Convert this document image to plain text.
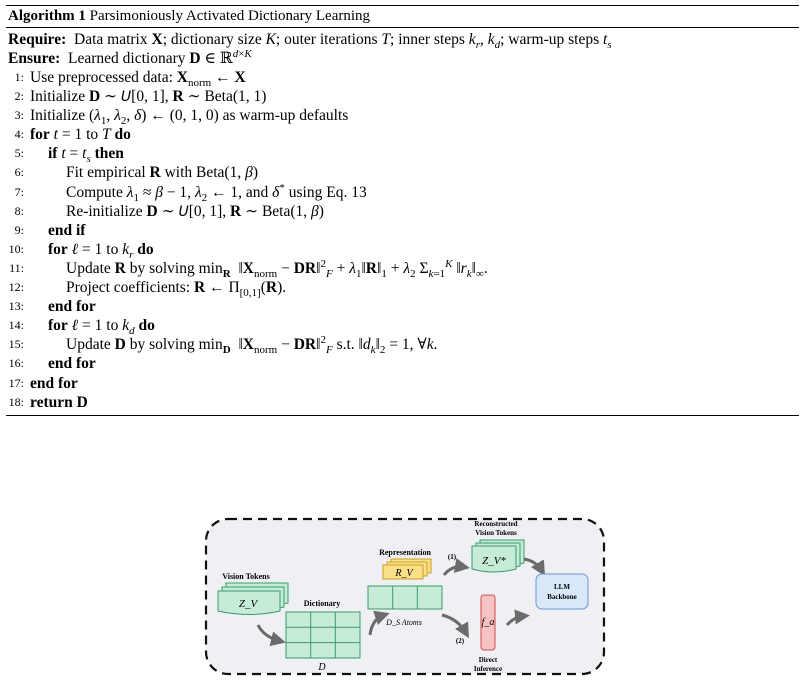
Algorithm 1 Parsimoniously Activated Dictionary Learning
Require:  Data matrix X; dictionary size K; outer iterations T; inner steps $k_r$, $k_d$; warm-up steps $t_s$
Ensure:  Learned dictionary D ∈ ℝ$^{d\times K}$
1: Use preprocessed data: $X_{norm}$ ← X
2: Initialize D ∼ U[0, 1], R ∼ Beta(1, 1)
3: Initialize ($\lambda_1$, $\lambda_2$, δ) ← (0, 1, 0) as warm-up defaults
4: for t = 1 to T do
5: if $t = t_s$ then
6:	Fit empirical R with Beta(1, β)
7:	Compute $\lambda_1 \approx \beta - 1$, $\lambda_2$ ← 1, and δ* using Eq. 13
8:	Re-initialize D ∼ U[0, 1], R ∼ Beta(1, β)
9: end if
10: for ℓ = 1 to $k_r$ do
11:	Update R by solving $\min_R$  $‖X_{norm}$ − DR‖$^2_F$ + $\lambda_1‖R‖_1 + \lambda_2$ $\Sigma_{k=1}^K$ $‖r_k‖_\infty$.
12:	Project coefficients: R ← $\Pi_{[0,1]}(R)$.
13: end for
14: for ℓ = 1 to $k_d$ do
15:	Update D by solving $\min_D$  $‖X_{norm}$ − DR‖$^2_F$ s.t. $‖d_k‖_2 = 1$, ∀k.
16: end for
17: end for
18: return D
Vision Tokens
Z_V	Dictionary
D
Representation
R_V
D_S Atoms
(1)
Reconstructed
Vision Tokens
Z_V*
(2)
f_a
Direct
Inference
LLM
Backbone
